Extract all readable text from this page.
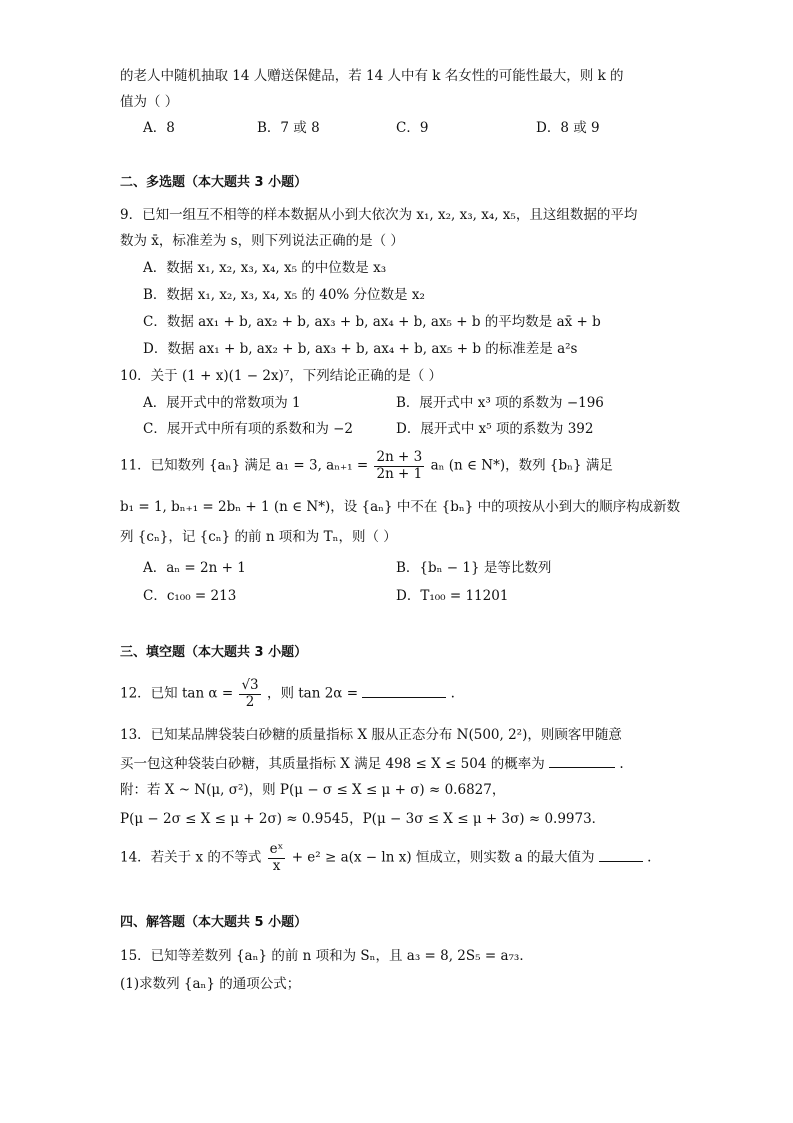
的老人中随机抽取 14 人赠送保健品，若 14 人中有 k 名女性的可能性最大，则 k 的
值为（ ）
A．8	B．7 或 8	C．9	D．8 或 9
二、多选题（本大题共 3 小题）
9．已知一组互不相等的样本数据从小到大依次为 x₁, x₂, x₃, x₄, x₅，且这组数据的平均
数为 x̄，标准差为 s，则下列说法正确的是（ ）
A．数据 x₁, x₂, x₃, x₄, x₅ 的中位数是 x₃
B．数据 x₁, x₂, x₃, x₄, x₅ 的 40% 分位数是 x₂
C．数据 ax₁ + b, ax₂ + b, ax₃ + b, ax₄ + b, ax₅ + b 的平均数是 ax̄ + b
D．数据 ax₁ + b, ax₂ + b, ax₃ + b, ax₄ + b, ax₅ + b 的标准差是 a²s
10．关于 (1 + x)(1 − 2x)⁷，下列结论正确的是（ ）
A．展开式中的常数项为 1	B．展开式中 x³ 项的系数为 −196
C．展开式中所有项的系数和为 −2	D．展开式中 x⁵ 项的系数为 392
11．已知数列 {aₙ} 满足 a₁ = 3, $a_{n+1} = \frac{2n + 3}{2n + 1}$ aₙ (n ∈ N*)，数列 {bₙ} 满足
b₁ = 1, bₙ₊₁ = 2bₙ + 1 (n ∈ N*)，设 {aₙ} 中不在 {bₙ} 中的项按从小到大的顺序构成新数
列 {cₙ}，记 {cₙ} 的前 n 项和为 Tₙ，则（ ）
A．aₙ = 2n + 1	B．{bₙ − 1} 是等比数列
C．c₁₀₀ = 213	D．T₁₀₀ = 11201
三、填空题（本大题共 3 小题）
12．已知 $\tan \alpha = \frac{√3}{2}$ ，则 tan 2α =	.
13．已知某品牌袋装白砂糖的质量指标 X 服从正态分布 N(500, 2²)，则顾客甲随意
买一包这种袋装白砂糖，其质量指标 X 满足 498 ≤ X ≤ 504 的概率为	.
附：若 X ~ N(μ, σ²)，则 P(μ − σ ≤ X ≤ μ + σ) ≈ 0.6827，
P(μ − 2σ ≤ X ≤ μ + 2σ) ≈ 0.9545，P(μ − 3σ ≤ X ≤ μ + 3σ) ≈ 0.9973．
14．若关于 x 的不等式 $\frac{\text{eˣ}}{x} + e^2 \ge a(x - \ln x)$ 恒成立，则实数 a 的最大值为	.
四、解答题（本大题共 5 小题）
15．已知等差数列 {aₙ} 的前 n 项和为 Sₙ，且 a₃ = 8, 2S₅ = a₇₃．
(1)求数列 {aₙ} 的通项公式；
